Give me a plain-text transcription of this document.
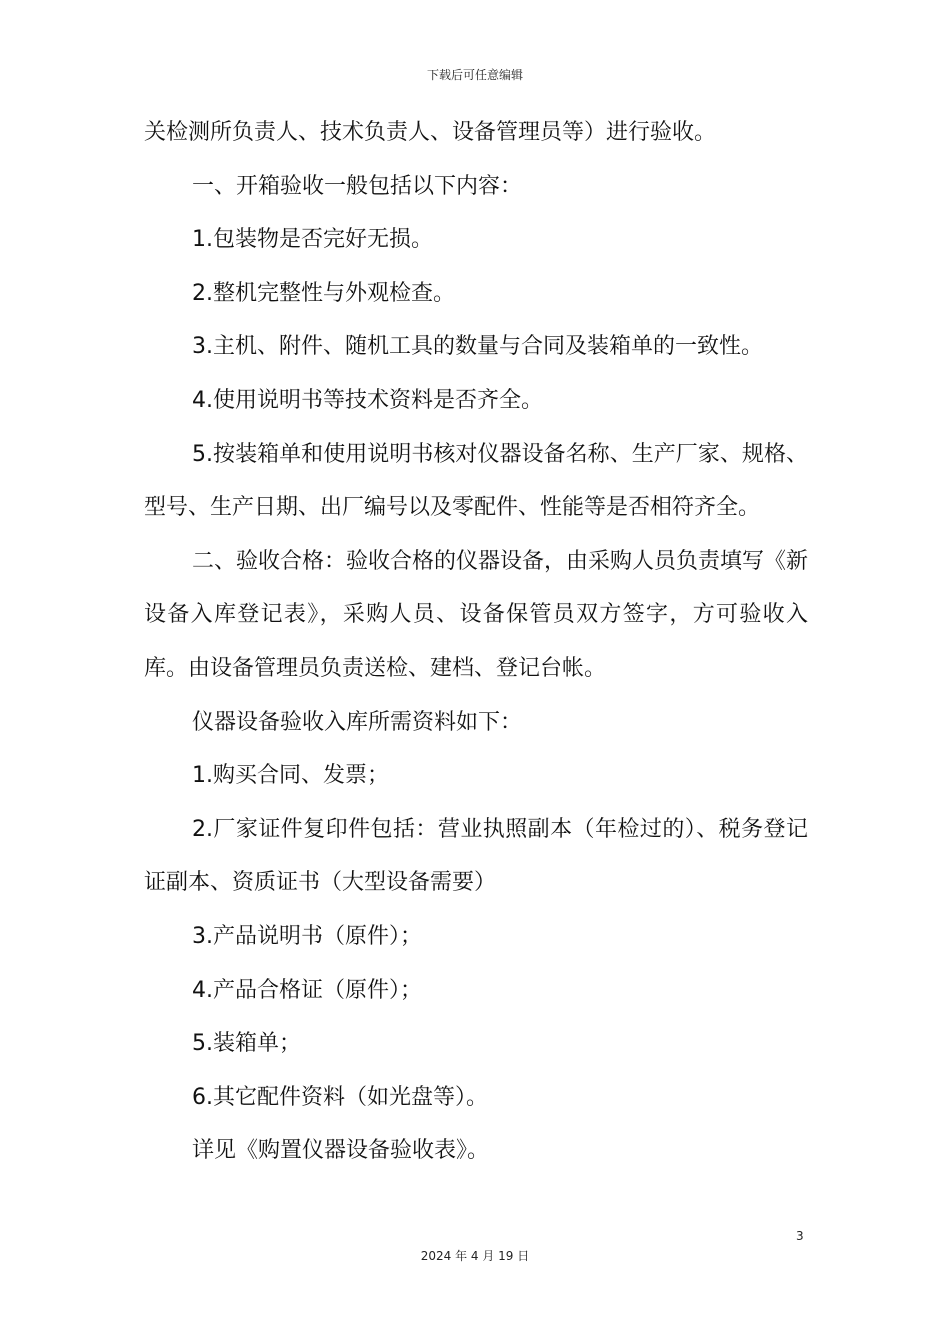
下载后可任意编辑

关检测所负责人、技术负责人、设备管理员等）进行验收。

一、开箱验收一般包括以下内容：

1.包装物是否完好无损。

2.整机完整性与外观检查。

3.主机、附件、随机工具的数量与合同及装箱单的一致性。

4.使用说明书等技术资料是否齐全。

5.按装箱单和使用说明书核对仪器设备名称、生产厂家、规格、型号、生产日期、出厂编号以及零配件、性能等是否相符齐全。

二、验收合格：验收合格的仪器设备，由采购人员负责填写《新设备入库登记表》，采购人员、设备保管员双方签字，方可验收入库。由设备管理员负责送检、建档、登记台帐。

仪器设备验收入库所需资料如下：

1.购买合同、发票；

2.厂家证件复印件包括：营业执照副本（年检过的）、税务登记证副本、资质证书（大型设备需要）

3.产品说明书（原件）；

4.产品合格证（原件）；

5.装箱单；

6.其它配件资料（如光盘等）。

详见《购置仪器设备验收表》。

3
2024 年 4 月 19 日
